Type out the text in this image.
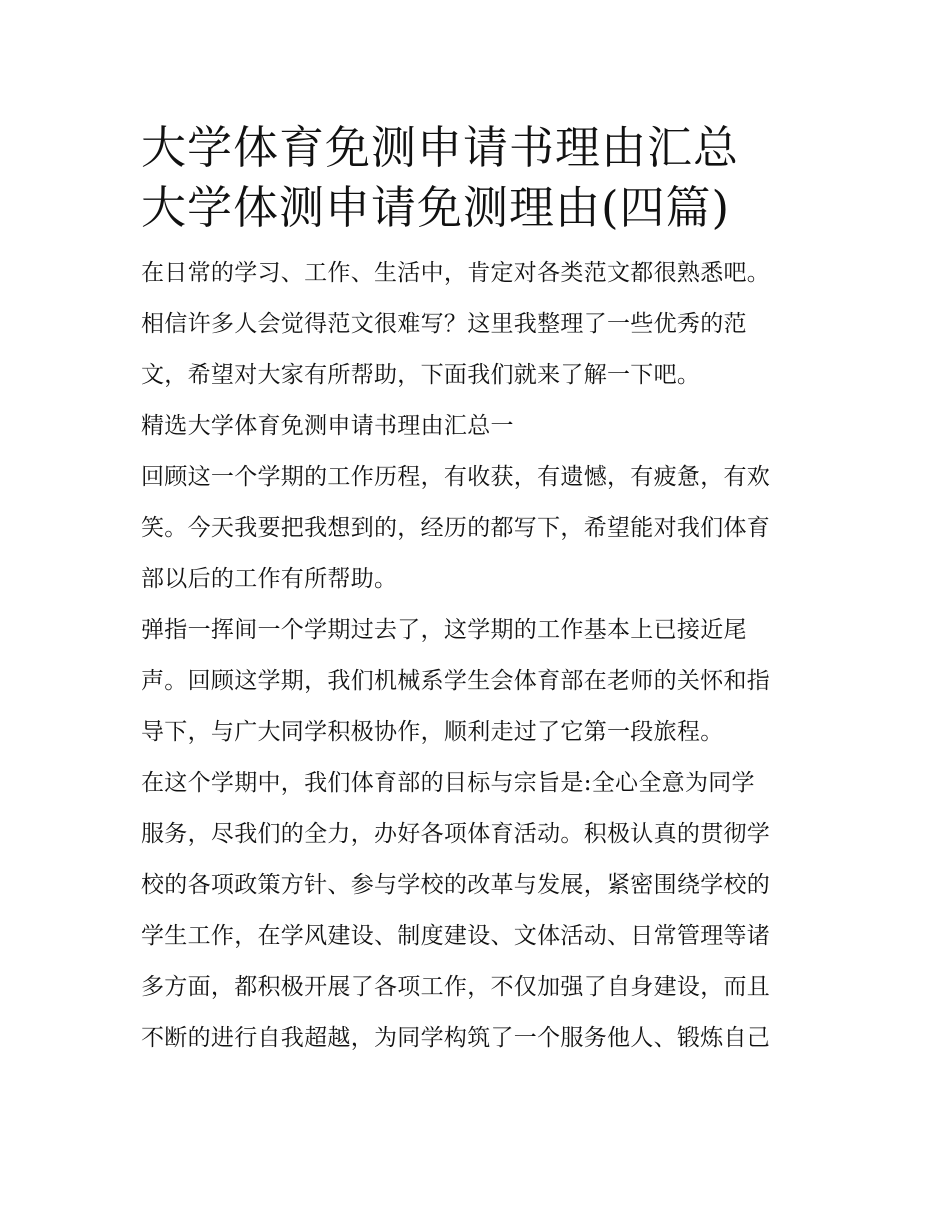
大学体育免测申请书理由汇总
大学体测申请免测理由(四篇)
在日常的学习、工作、生活中，肯定对各类范文都很熟悉吧。
相信许多人会觉得范文很难写？这里我整理了一些优秀的范
文，希望对大家有所帮助，下面我们就来了解一下吧。
精选大学体育免测申请书理由汇总一
回顾这一个学期的工作历程，有收获，有遗憾，有疲惫，有欢
笑。今天我要把我想到的，经历的都写下，希望能对我们体育
部以后的工作有所帮助。
弹指一挥间一个学期过去了，这学期的工作基本上已接近尾
声。回顾这学期，我们机械系学生会体育部在老师的关怀和指
导下，与广大同学积极协作，顺利走过了它第一段旅程。
在这个学期中，我们体育部的目标与宗旨是:全心全意为同学
服务，尽我们的全力，办好各项体育活动。积极认真的贯彻学
校的各项政策方针、参与学校的改革与发展，紧密围绕学校的
学生工作，在学风建设、制度建设、文体活动、日常管理等诸
多方面，都积极开展了各项工作，不仅加强了自身建设，而且
不断的进行自我超越，为同学构筑了一个服务他人、锻炼自己
